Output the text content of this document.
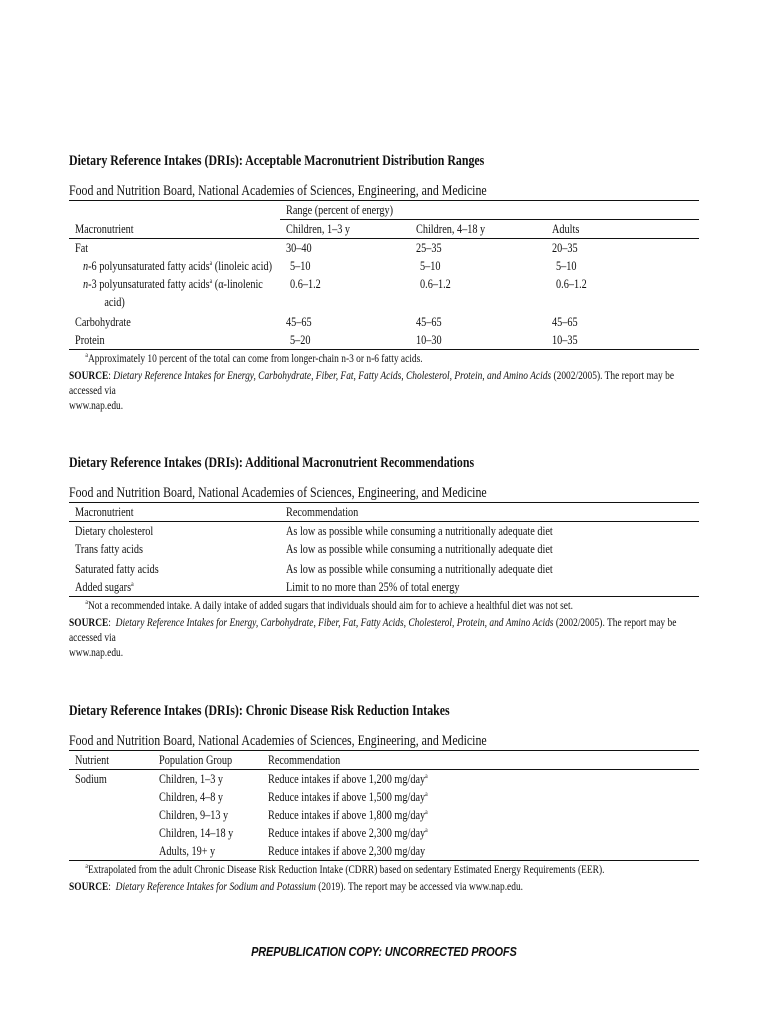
Dietary Reference Intakes (DRIs): Acceptable Macronutrient Distribution Ranges
Food and Nutrition Board, National Academies of Sciences, Engineering, and Medicine
	Range (percent of energy)		
Macronutrient	Children, 1–3 y	Children, 4–18 y	Adults
Fat	30–40	25–35	20–35
n-6 polyunsaturated fatty acids$^a$ (linoleic acid)	5–10	5–10	5–10
n-3 polyunsaturated fatty acids$^a$ (α-linolenic
acid)	0.6–1.2	0.6–1.2	0.6–1.2
Carbohydrate	45–65	45–65	45–65
Protein	5–20	10–30	10–35
$^a$Approximately 10 percent of the total can come from longer-chain n-3 or n-6 fatty acids.
SOURCE: Dietary Reference Intakes for Energy, Carbohydrate, Fiber, Fat, Fatty Acids, Cholesterol, Protein, and Amino Acids (2002/2005). The report may be accessed via
www.nap.edu.
Dietary Reference Intakes (DRIs): Additional Macronutrient Recommendations
Food and Nutrition Board, National Academies of Sciences, Engineering, and Medicine
Macronutrient	Recommendation
Dietary cholesterol	As low as possible while consuming a nutritionally adequate diet
Trans fatty acids	As low as possible while consuming a nutritionally adequate diet
Saturated fatty acids	As low as possible while consuming a nutritionally adequate diet
Added sugars$^a$	Limit to no more than 25% of total energy
$^a$Not a recommended intake. A daily intake of added sugars that individuals should aim for to achieve a healthful diet was not set.
SOURCE:  Dietary Reference Intakes for Energy, Carbohydrate, Fiber, Fat, Fatty Acids, Cholesterol, Protein, and Amino Acids (2002/2005). The report may be accessed via
www.nap.edu.
Dietary Reference Intakes (DRIs): Chronic Disease Risk Reduction Intakes
Food and Nutrition Board, National Academies of Sciences, Engineering, and Medicine
Nutrient	Population Group	Recommendation
Sodium	Children, 1–3 y	Reduce intakes if above 1,200 mg/day$^a$
	Children, 4–8 y	Reduce intakes if above 1,500 mg/day$^a$
	Children, 9–13 y	Reduce intakes if above 1,800 mg/day$^a$
	Children, 14–18 y	Reduce intakes if above 2,300 mg/day$^a$
	Adults, 19+ y	Reduce intakes if above 2,300 mg/day
$^a$Extrapolated from the adult Chronic Disease Risk Reduction Intake (CDRR) based on sedentary Estimated Energy Requirements (EER).
SOURCE:  Dietary Reference Intakes for Sodium and Potassium (2019). The report may be accessed via www.nap.edu.
PREPUBLICATION COPY: UNCORRECTED PROOFS
